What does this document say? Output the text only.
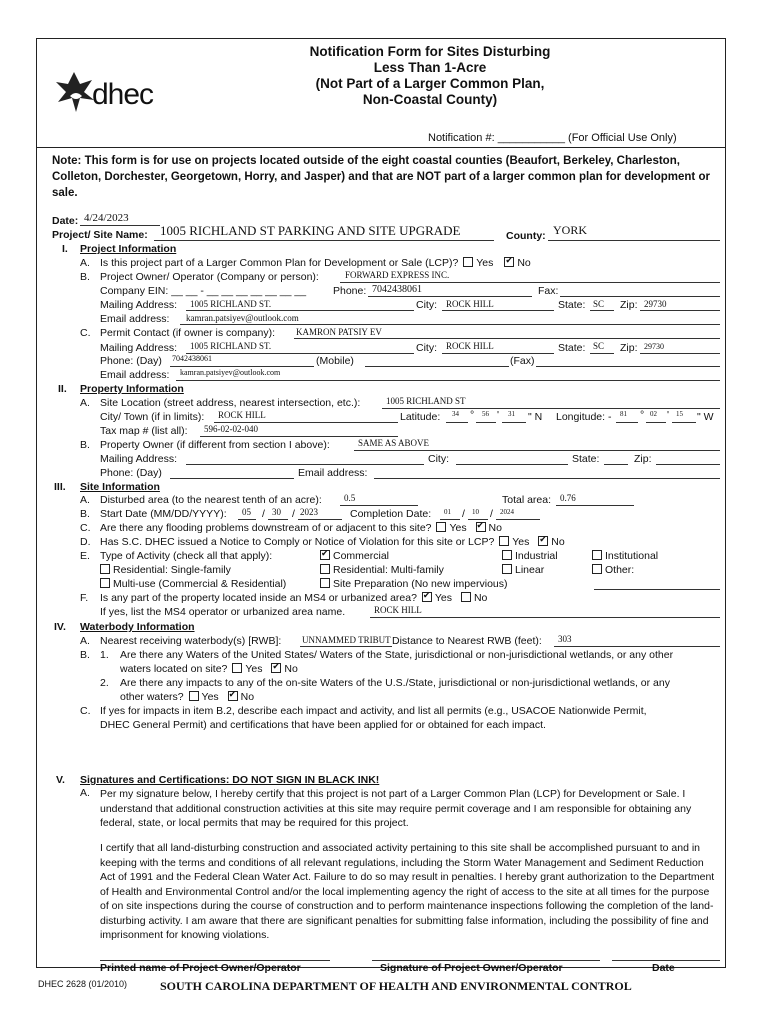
dhec
Notification Form for Sites Disturbing
Less Than 1-Acre
(Not Part of a Larger Common Plan,
Non-Coastal County)
Notification #: ___________ (For Official Use Only)
Note: This form is for use on projects located outside of the eight coastal counties (Beaufort, Berkeley, Charleston, Colleton, Dorchester, Georgetown, Horry, and Jasper) and that are NOT part of a larger common plan for development or sale.
Date: 4/24/2023
Project/ Site Name: 1005 RICHLAND ST PARKING AND SITE UPGRADE	County: YORK
I. Project Information
A. Is this project part of a Larger Common Plan for Development or Sale (LCP)? Yes ✔ No
B. Project Owner/ Operator (Company or person):	FORWARD EXPRESS INC.
Company EIN: __ __ - __ __ __ __ __ __ __	Phone: 7042438061	Fax:
Mailing Address: 1005 RICHLAND ST.	City: ROCK HILL	State: SC Zip: 29730
Email address: kamran.patsiyev@outlook.com
C. Permit Contact (if owner is company): KAMRON PATSIY EV
Mailing Address: 1005 RICHLAND ST.	City: ROCK HILL	State: SC Zip: 29730
Phone: (Day) 7042438061	(Mobile)	(Fax)
Email address: kamran.patsiyev@outlook.com
II. Property Information
A. Site Location (street address, nearest intersection, etc.):	1005 RICHLAND ST
City/ Town (if in limits): ROCK HILL	Latitude: 34 ° 56 ' 31 " N Longitude: - 81 ° 02 ' 15 " W
Tax map # (list all): 596-02-02-040
B. Property Owner (if different from section I above):	SAME AS ABOVE
Mailing Address:	City:	State:	Zip:
Phone: (Day)	Email address:
III. Site Information
A. Disturbed area (to the nearest tenth of an acre): 0.5	Total area: 0.76
B. Start Date (MM/DD/YYYY): 05 / 30 / 2023	Completion Date: 01 / 10 / 2024
C. Are there any flooding problems downstream of or adjacent to this site? Yes ✔ No
D. Has S.C. DHEC issued a Notice to Comply or Notice of Violation for this site or LCP? Yes ✔ No
E. Type of Activity (check all that apply): ✔	Commercial	Industrial	Institutional
Residential: Single-family	Residential: Multi-family	Linear	Other:
Multi-use (Commercial & Residential)	Site Preparation (No new impervious)
F. Is any part of the property located inside an MS4 or urbanized area? ✔ Yes No
If yes, list the MS4 operator or urbanized area name.	ROCK HILL
IV. Waterbody Information
A. Nearest receiving waterbody(s) [RWB]: UNNAMMED TRIBUT Distance to Nearest RWB (feet): 303
B. 1. Are there any Waters of the United States/ Waters of the State, jurisdictional or non-jurisdictional wetlands, or any other
waters located on site? Yes ✔ No
2. Are there any impacts to any of the on-site Waters of the U.S./State, jurisdictional or non-jurisdictional wetlands, or any
other waters? Yes ✔ No
C. If yes for impacts in item B.2, describe each impact and activity, and list all permits (e.g., USACOE Nationwide Permit,
DHEC General Permit) and certifications that have been applied for or obtained for each impact.
V. Signatures and Certifications: DO NOT SIGN IN BLACK INK!
A. Per my signature below, I hereby certify that this project is not part of a Larger Common Plan (LCP) for Development or Sale. I understand that additional construction activities at this site may require permit coverage and I am responsible for obtaining any federal, state, or local permits that may be required for this project.
I certify that all land-disturbing construction and associated activity pertaining to this site shall be accomplished pursuant to and in keeping with the terms and conditions of all relevant regulations, including the Storm Water Management and Sediment Reduction Act of 1991 and the Federal Clean Water Act. Failure to do so may result in penalties. I hereby grant authorization to the Department of Health and Environmental Control and/or the local implementing agency the right of access to the site at all times for the purpose of on site inspections during the course of construction and to perform maintenance inspections following the completion of the land-disturbing activity. I am aware that there are significant penalties for submitting false information, including the possibility of fine and imprisonment for knowing violations.
Printed name of Project Owner/Operator	Signature of Project Owner/Operator	Date
DHEC 2628 (01/2010)	SOUTH CAROLINA DEPARTMENT OF HEALTH AND ENVIRONMENTAL CONTROL
